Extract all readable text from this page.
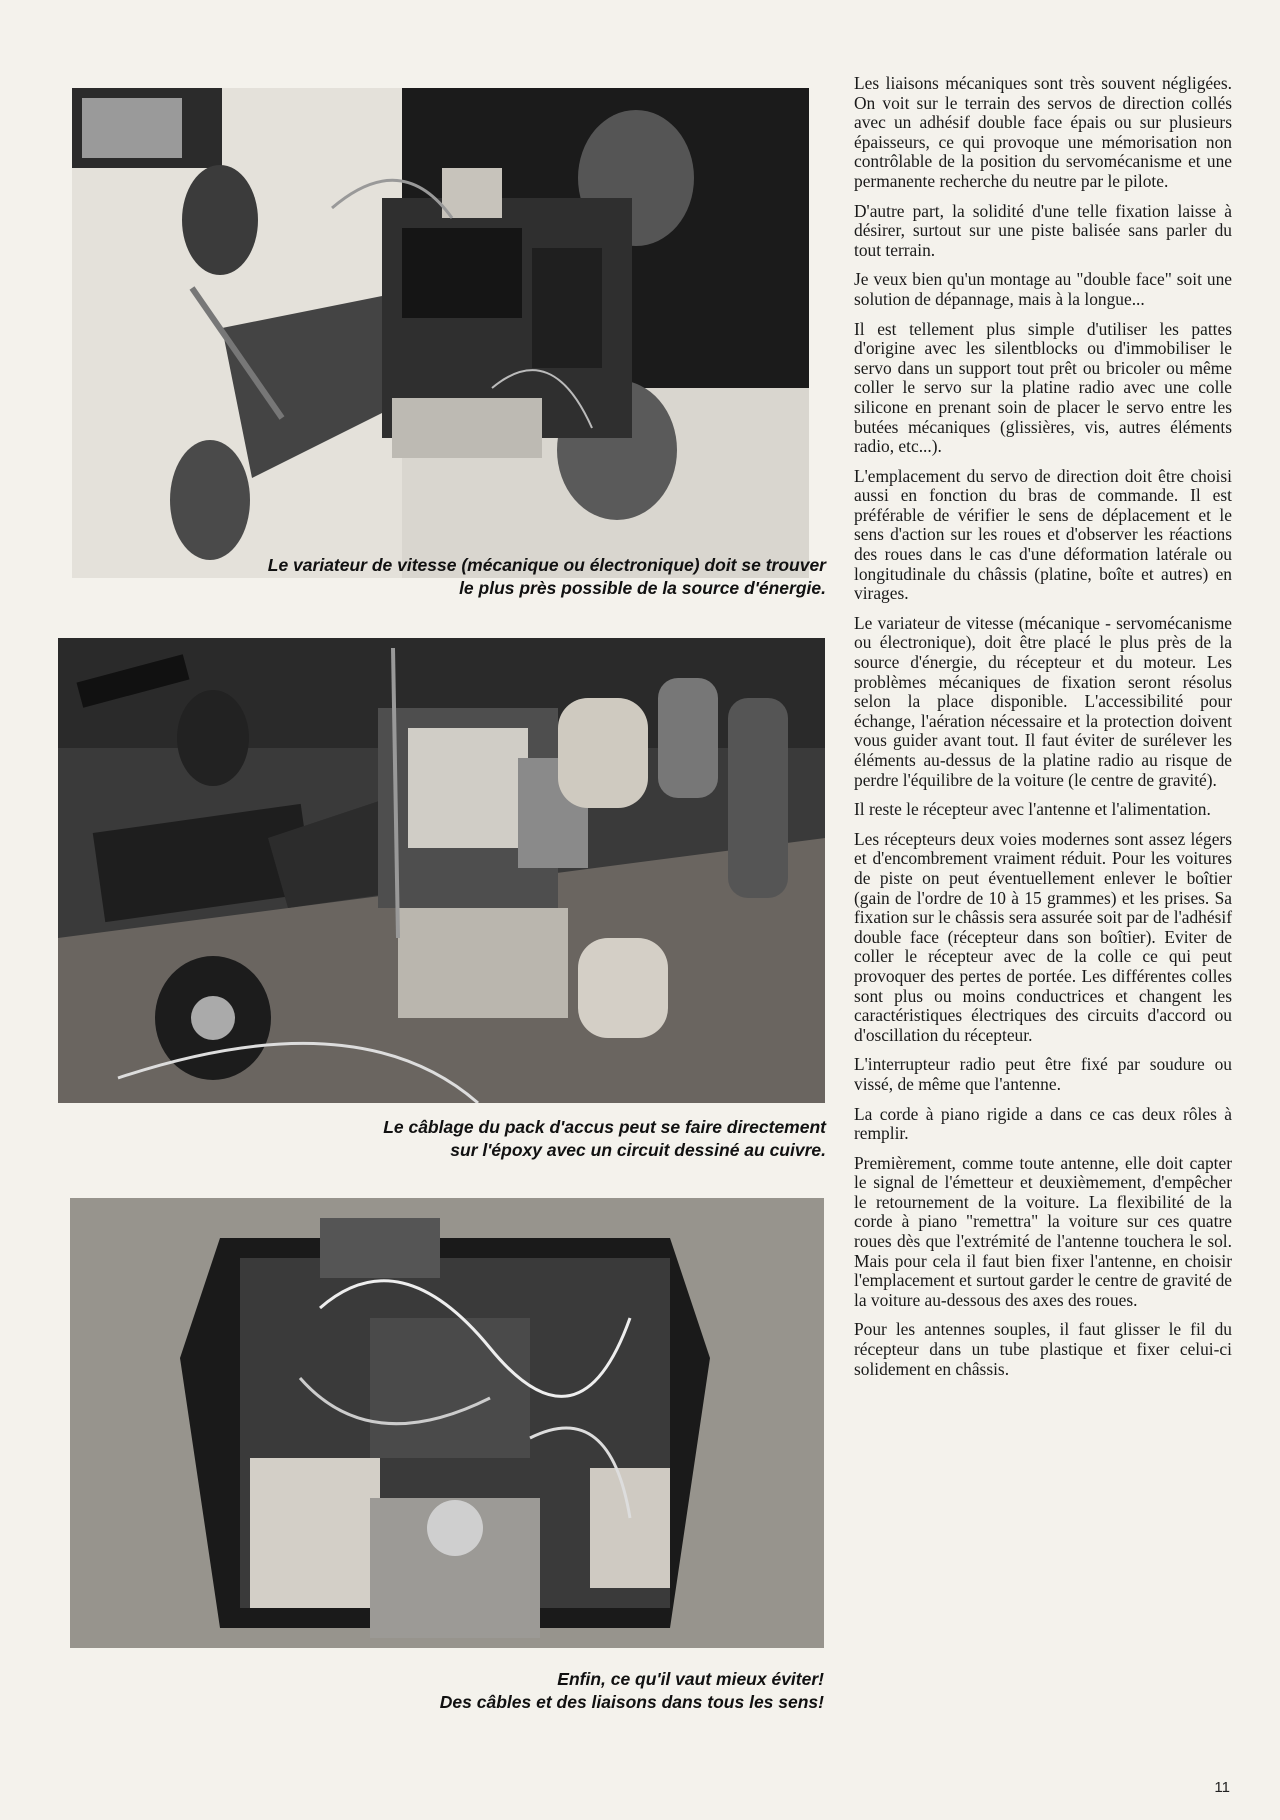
Le variateur de vitesse (mécanique ou électronique) doit se trouver
le plus près possible de la source d'énergie.
Le câblage du pack d'accus peut se faire directement
sur l'époxy avec un circuit dessiné au cuivre.
Enfin, ce qu'il vaut mieux éviter!
Des câbles et des liaisons dans tous les sens!

Les liaisons mécaniques sont très souvent négligées. On voit sur le terrain des servos de direction collés avec un adhésif double face épais ou sur plusieurs épaisseurs, ce qui provoque une mémorisation non contrôlable de la position du servomécanisme et une permanente recherche du neutre par le pilote.

D'autre part, la solidité d'une telle fixation laisse à désirer, surtout sur une piste balisée sans parler du tout terrain.

Je veux bien qu'un montage au "double face" soit une solution de dépannage, mais à la longue...

Il est tellement plus simple d'utiliser les pattes d'origine avec les silentblocks ou d'immobiliser le servo dans un support tout prêt ou bricoler ou même coller le servo sur la platine radio avec une colle silicone en prenant soin de placer le servo entre les butées mécaniques (glissières, vis, autres éléments radio, etc...).

L'emplacement du servo de direction doit être choisi aussi en fonction du bras de commande. Il est préférable de vérifier le sens de déplacement et le sens d'action sur les roues et d'observer les réactions des roues dans le cas d'une déformation latérale ou longitudinale du châssis (platine, boîte et autres) en virages.

Le variateur de vitesse (mécanique - servomécanisme ou électronique), doit être placé le plus près de la source d'énergie, du récepteur et du moteur. Les problèmes mécaniques de fixation seront résolus selon la place disponible. L'accessibilité pour échange, l'aération nécessaire et la protection doivent vous guider avant tout. Il faut éviter de surélever les éléments au-dessus de la platine radio au risque de perdre l'équilibre de la voiture (le centre de gravité).

Il reste le récepteur avec l'antenne et l'alimentation.

Les récepteurs deux voies modernes sont assez légers et d'encombrement vraiment réduit. Pour les voitures de piste on peut éventuellement enlever le boîtier (gain de l'ordre de 10 à 15 grammes) et les prises. Sa fixation sur le châssis sera assurée soit par de l'adhésif double face (récepteur dans son boîtier). Eviter de coller le récepteur avec de la colle ce qui peut provoquer des pertes de portée. Les différentes colles sont plus ou moins conductrices et changent les caractéristiques électriques des circuits d'accord ou d'oscillation du récepteur.

L'interrupteur radio peut être fixé par soudure ou vissé, de même que l'antenne.

La corde à piano rigide a dans ce cas deux rôles à remplir.

Premièrement, comme toute antenne, elle doit capter le signal de l'émetteur et deuxièmement, d'empêcher le retournement de la voiture. La flexibilité de la corde à piano "remettra" la voiture sur ces quatre roues dès que l'extrémité de l'antenne touchera le sol. Mais pour cela il faut bien fixer l'antenne, en choisir l'emplacement et surtout garder le centre de gravité de la voiture au-dessous des axes des roues.

Pour les antennes souples, il faut glisser le fil du récepteur dans un tube plastique et fixer celui-ci solidement en châssis.

11
